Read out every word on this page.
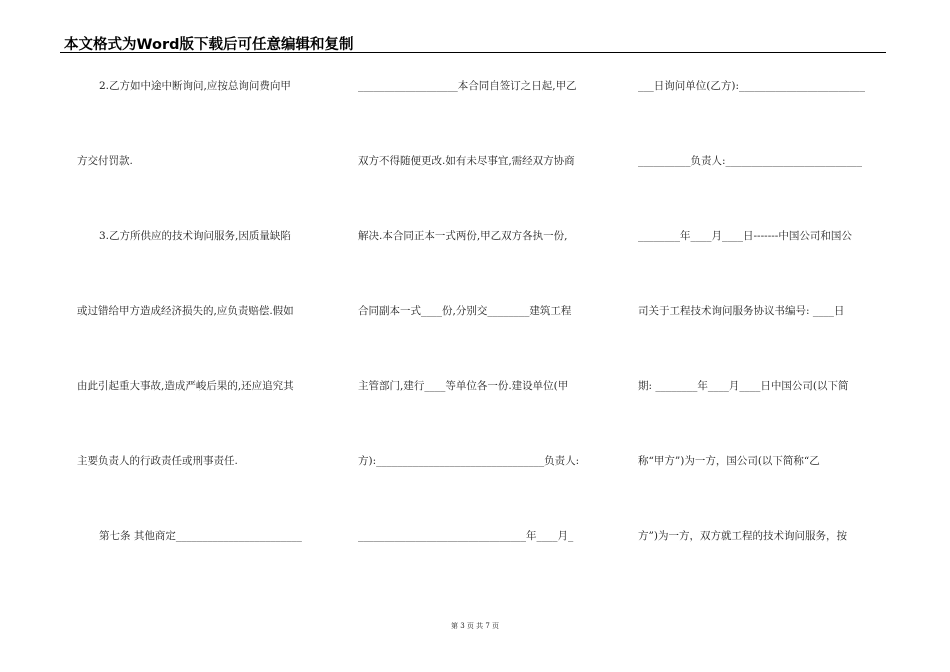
本文格式为Word版下载后可任意编辑和复制
2.乙方如中途中断询问,应按总询问费向甲
方交付罚款.
3.乙方所供应的技术询问服务,因质量缺陷
或过错给甲方造成经济损失的,应负责赔偿.假如
由此引起重大事故,造成严峻后果的,还应追究其
主要负责人的行政责任或刑事责任.
第七条 其他商定________________________
___________________本合同自签订之日起,甲乙
双方不得随便更改.如有未尽事宜,需经双方协商
解决.本合同正本一式两份,甲乙双方各执一份,
合同副本一式____份,分别交________建筑工程
主管部门,建行____等单位各一份.建设单位(甲
方):________________________________负责人:
________________________________年____月_
___日询问单位(乙方):________________________
__________负责人:__________________________
________年____月____日-------中国公司和国公
司关于工程技术询问服务协议书编号: ____日
期: ________年____月____日中国公司(以下简
称“甲方”)为一方，国公司(以下简称“乙
方”)为一方，双方就工程的技术询问服务，按
第 3 页 共 7 页
